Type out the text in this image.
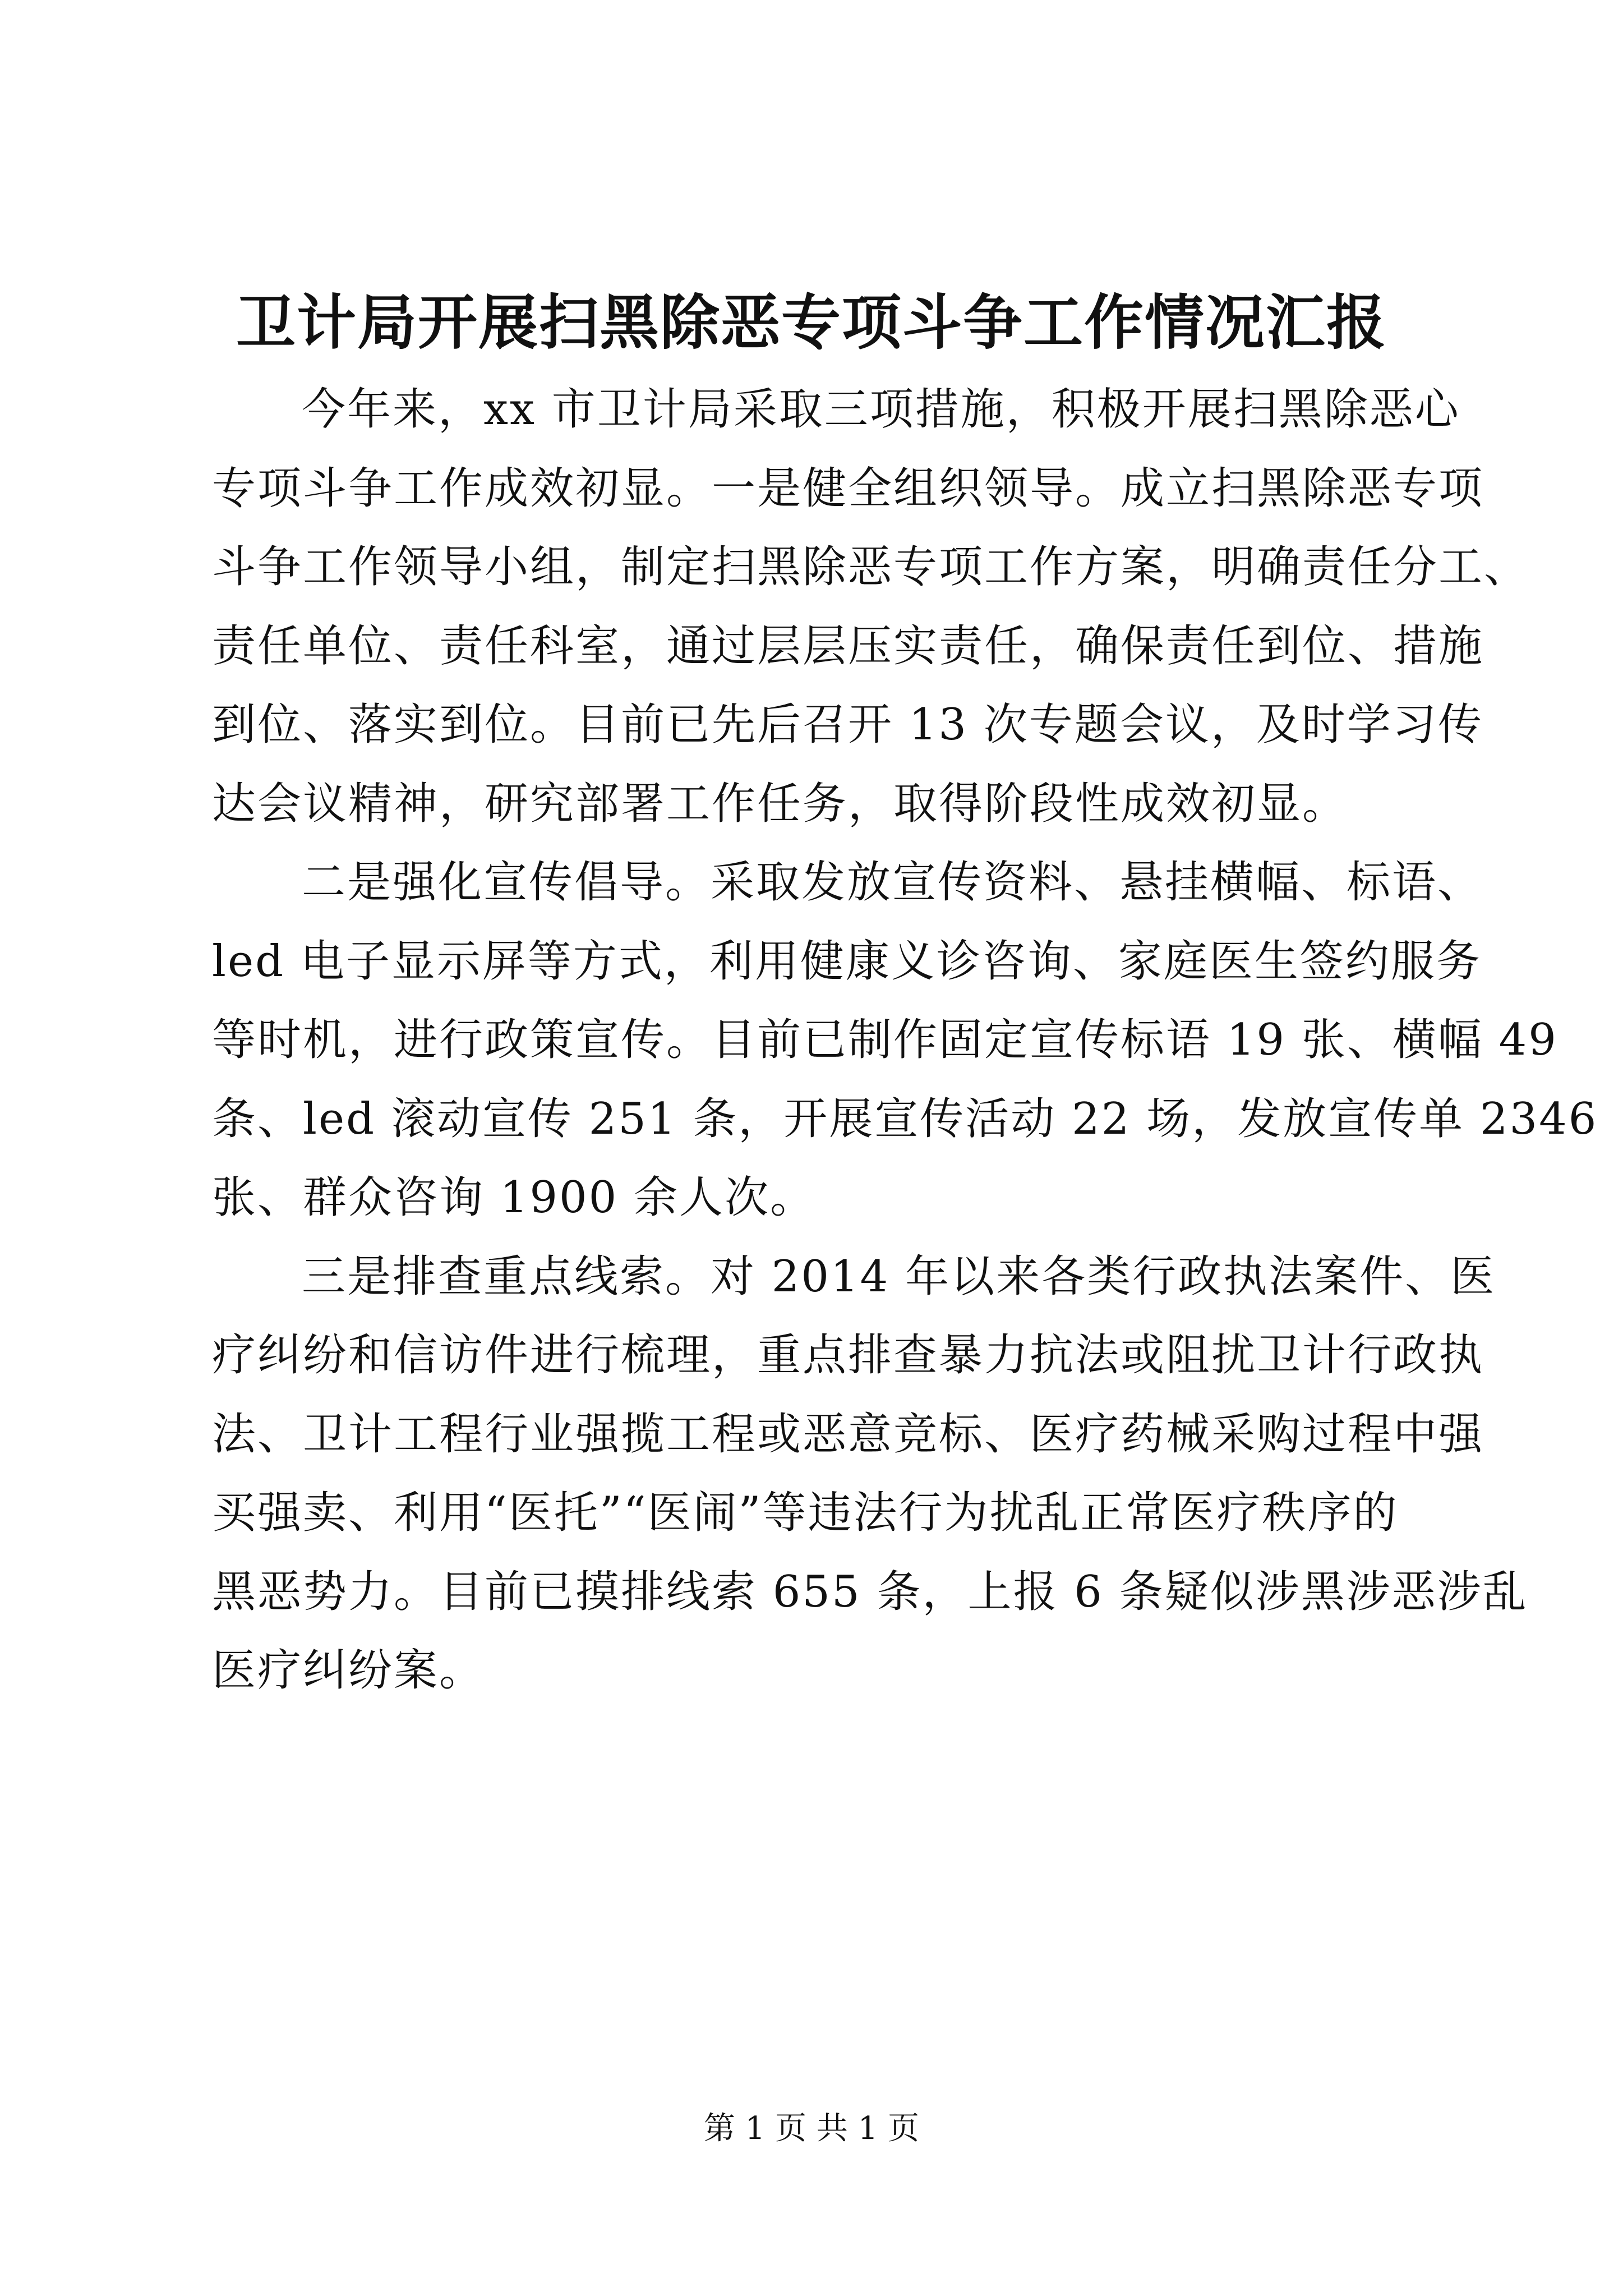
卫计局开展扫黑除恶专项斗争工作情况汇报

今年来，xx 市卫计局采取三项措施，积极开展扫黑除恶心
专项斗争工作成效初显。一是健全组织领导。成立扫黑除恶专项
斗争工作领导小组，制定扫黑除恶专项工作方案，明确责任分工、
责任单位、责任科室，通过层层压实责任，确保责任到位、措施
到位、落实到位。目前已先后召开 13 次专题会议，及时学习传
达会议精神，研究部署工作任务，取得阶段性成效初显。

二是强化宣传倡导。采取发放宣传资料、悬挂横幅、标语、
led 电子显示屏等方式，利用健康义诊咨询、家庭医生签约服务
等时机，进行政策宣传。目前已制作固定宣传标语 19 张、横幅 49
条、led 滚动宣传 251 条，开展宣传活动 22 场，发放宣传单 2346
张、群众咨询 1900 余人次。

三是排查重点线索。对 2014 年以来各类行政执法案件、医
疗纠纷和信访件进行梳理，重点排查暴力抗法或阻扰卫计行政执
法、卫计工程行业强揽工程或恶意竞标、医疗药械采购过程中强
买强卖、利用“医托”“医闹”等违法行为扰乱正常医疗秩序的
黑恶势力。目前已摸排线索 655 条，上报 6 条疑似涉黑涉恶涉乱
医疗纠纷案。

第 1 页 共 1 页
